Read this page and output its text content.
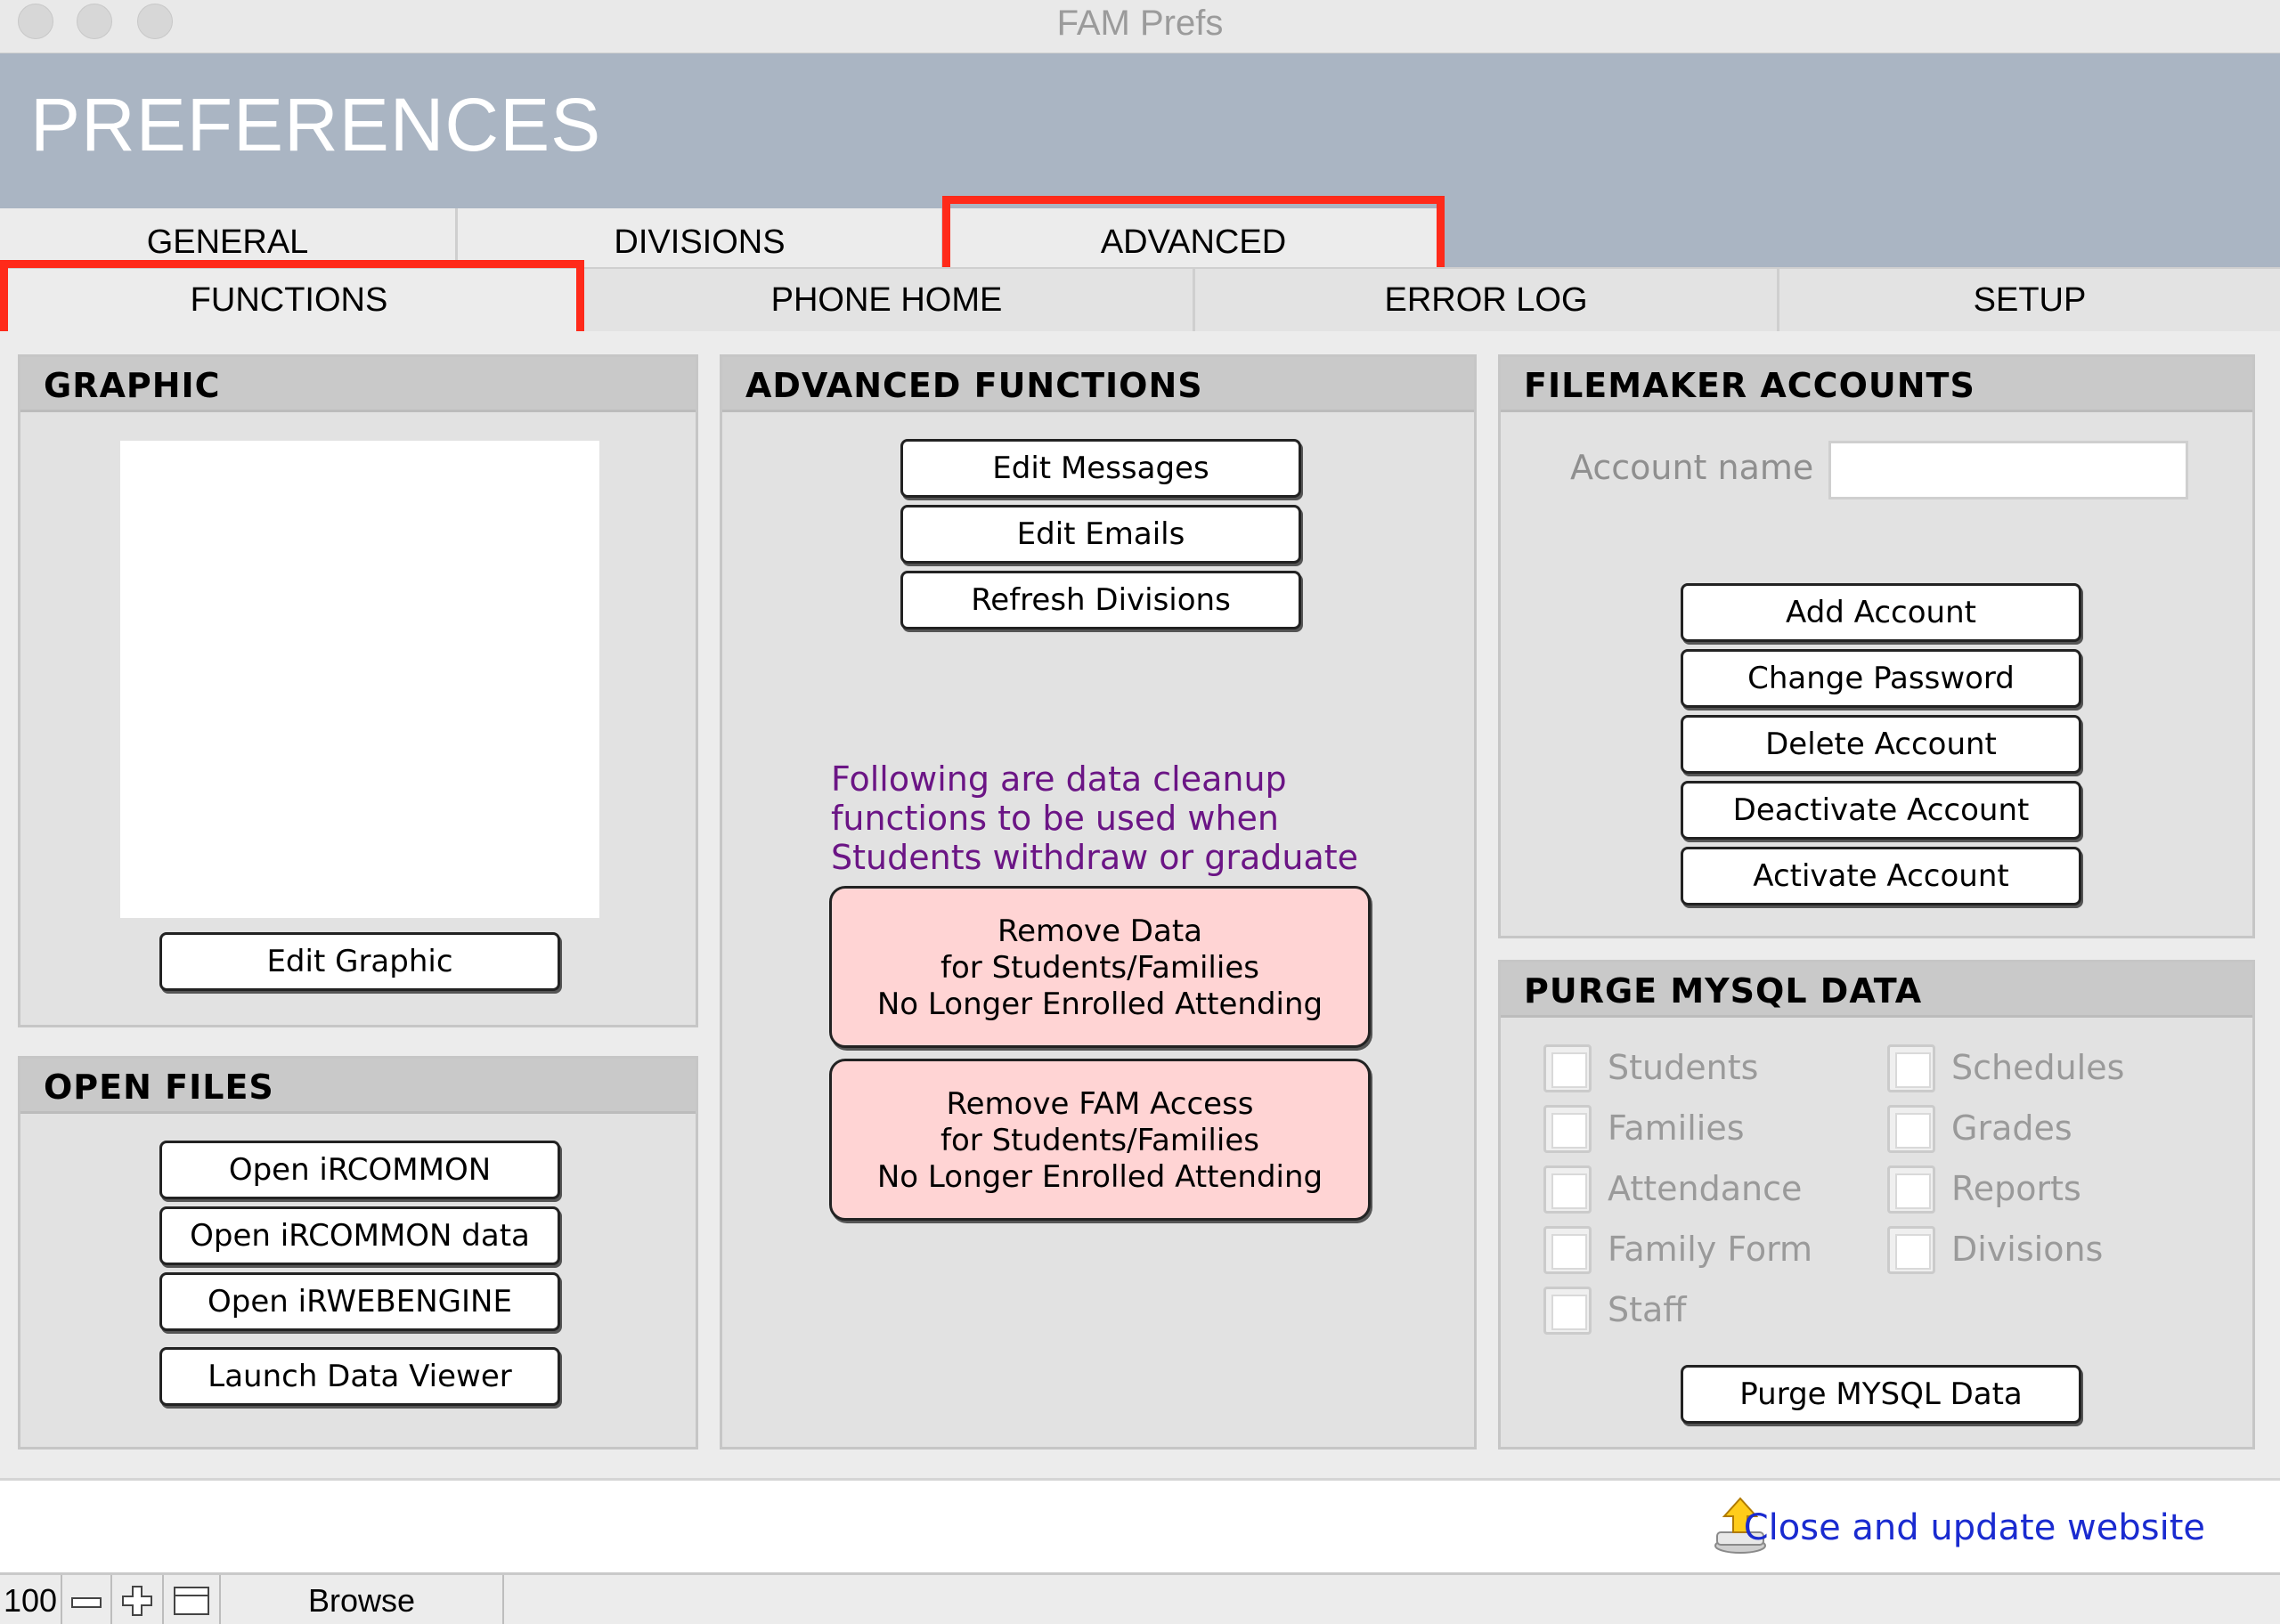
FAM Prefs
PREFERENCES
GENERAL	DIVISIONS	ADVANCED
FUNCTIONS	PHONE HOME	ERROR LOG	SETUP
GRAPHIC
Edit Graphic
OPEN FILES
Open iRCOMMON
Open iRCOMMON data
Open iRWEBENGINE
Launch Data Viewer
ADVANCED FUNCTIONS
Edit Messages
Edit Emails
Refresh Divisions
Following are data cleanup
functions to be used when
Students withdraw or graduate
Remove Data
for Students/Families
No Longer Enrolled Attending
Remove FAM Access
for Students/Families
No Longer Enrolled Attending
FILEMAKER ACCOUNTS
Account name
Add Account
Change Password
Delete Account
Deactivate Account
Activate Account
PURGE MYSQL DATA
Students
Families
Attendance
Family Form
Staff
Schedules
Grades
Reports
Divisions
Purge MYSQL Data
Close and update website
100	Browse
